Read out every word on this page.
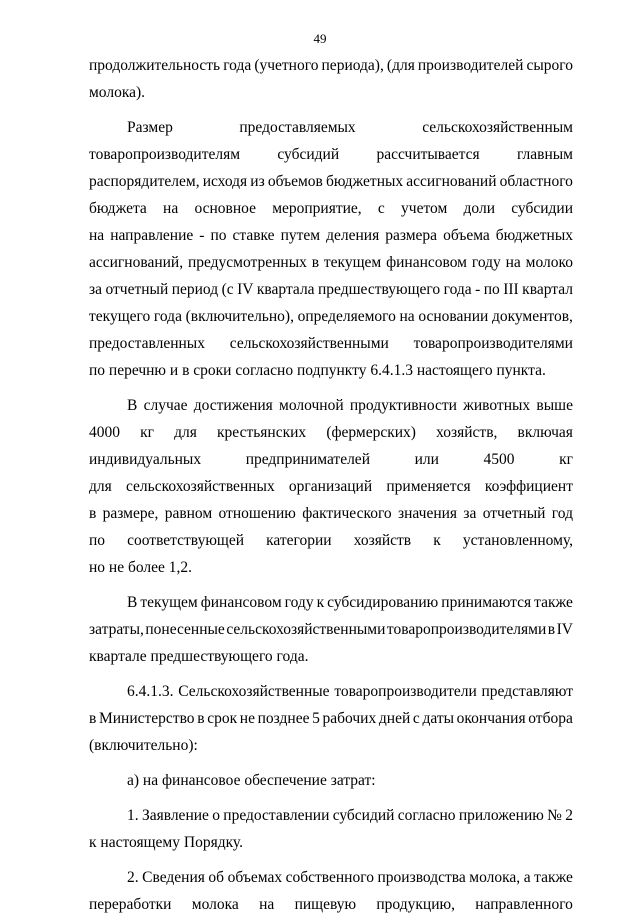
49
продолжительность года (учетного периода), (для производителей сырого
молока).
Размер	предоставляемых	сельскохозяйственным
товаропроизводителям субсидий рассчитывается главным
распорядителем, исходя из объемов бюджетных ассигнований областного
бюджета на основное мероприятие, с учетом доли субсидии
на направление - по ставке путем деления размера объема бюджетных
ассигнований, предусмотренных в текущем финансовом году на молоко
за отчетный период (с IV квартала предшествующего года - по III квартал
текущего года (включительно), определяемого на основании документов,
предоставленных сельскохозяйственными товаропроизводителями
по перечню и в сроки согласно подпункту 6.4.1.3 настоящего пункта.
В случае достижения молочной продуктивности животных выше
4000 кг для крестьянских (фермерских) хозяйств, включая
индивидуальных	предпринимателей	или	4500	кг
для сельскохозяйственных организаций применяется коэффициент
в размере, равном отношению фактического значения за отчетный год
по соответствующей категории хозяйств к установленному,
но не более 1,2.
В текущем финансовом году к субсидированию принимаются также
затраты, понесенные сельскохозяйственными товаропроизводителями в IV
квартале предшествующего года.
6.4.1.3. Сельскохозяйственные товаропроизводители представляют
в Министерство в срок не позднее 5 рабочих дней с даты окончания отбора
(включительно):
а) на финансовое обеспечение затрат:
1. Заявление о предоставлении субсидий согласно приложению № 2
к настоящему Порядку.
2. Сведения об объемах собственного производства молока, а также
переработки молока на пищевую продукцию, направленного
